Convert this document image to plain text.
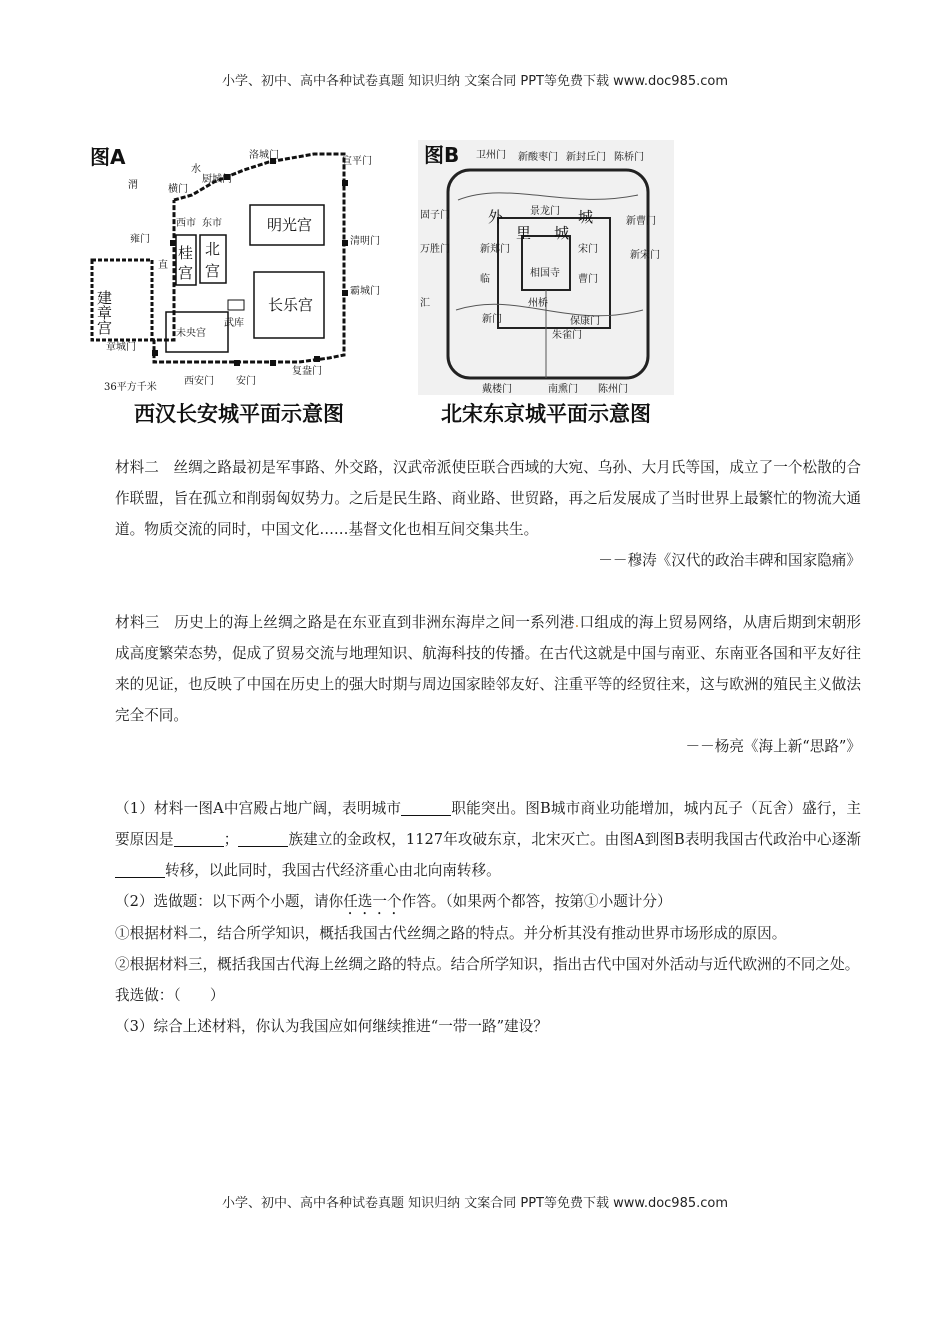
小学、初中、高中各种试卷真题 知识归纳 文案合同 PPT等免费下载 www.doc985.com
图A	洛城门
水
厨城门
横门
渭
宣平门
西市 东市	明光宫
雍门	清明门
桂
宫
北
宫
直
霸城门
建章宫	长乐宫
未央宫
武库
章城门
复盎门
西安门 安门
36平方千米
西汉长安城平面示意图
图B 卫州门 新酸枣门 新封丘门 陈桥门
固子门	景龙门
外
里
城
城
新曹门
万胜门	新郑门	宋门
相国寺
曹门
新宋门
临
州桥
汇
保康门
朱雀门
新门
戴楼门	南熏门 陈州门
北宋东京城平面示意图

材料二　丝绸之路最初是军事路、外交路，汉武帝派使臣联合西域的大宛、乌孙、大月氏等国，成立了一个松散的合作联盟，旨在孤立和削弱匈奴势力。之后是民生路、商业路、世贸路，再之后发展成了当时世界上最繁忙的物流大通道。物质交流的同时，中国文化……基督文化也相互间交集共生。

－－穆涛《汉代的政治丰碑和国家隐痛》

材料三　历史上的海上丝绸之路是在东亚直到非洲东海岸之间一系列港.口组成的海上贸易网络，从唐后期到宋朝形成高度繁荣态势，促成了贸易交流与地理知识、航海科技的传播。在古代这就是中国与南亚、东南亚各国和平友好往来的见证，也反映了中国在历史上的强大时期与周边国家睦邻友好、注重平等的经贸往来，这与欧洲的殖民主义做法完全不同。

－－杨亮《海上新“思路”》

（1）材料一图A中宫殿占地广阔，表明城市	职能突出。图B城市商业功能增加，城内瓦子（瓦舍）盛行，主要原因是	；	族建立的金政权，1127年攻破东京，北宋灭亡。由图A到图B表明我国古代政治中心逐渐转移，以此同时，我国古代经济重心由北向南转移。

（2）选做题：以下两个小题，请你任选一个作答。（如果两个都答，按第①小题计分）

①根据材料二，结合所学知识，概括我国古代丝绸之路的特点。并分析其没有推动世界市场形成的原因。

②根据材料三，概括我国古代海上丝绸之路的特点。结合所学知识，指出古代中国对外活动与近代欧洲的不同之处。

我选做：（　　）

（3）综合上述材料，你认为我国应如何继续推进“一带一路”建设？

小学、初中、高中各种试卷真题 知识归纳 文案合同 PPT等免费下载 www.doc985.com
